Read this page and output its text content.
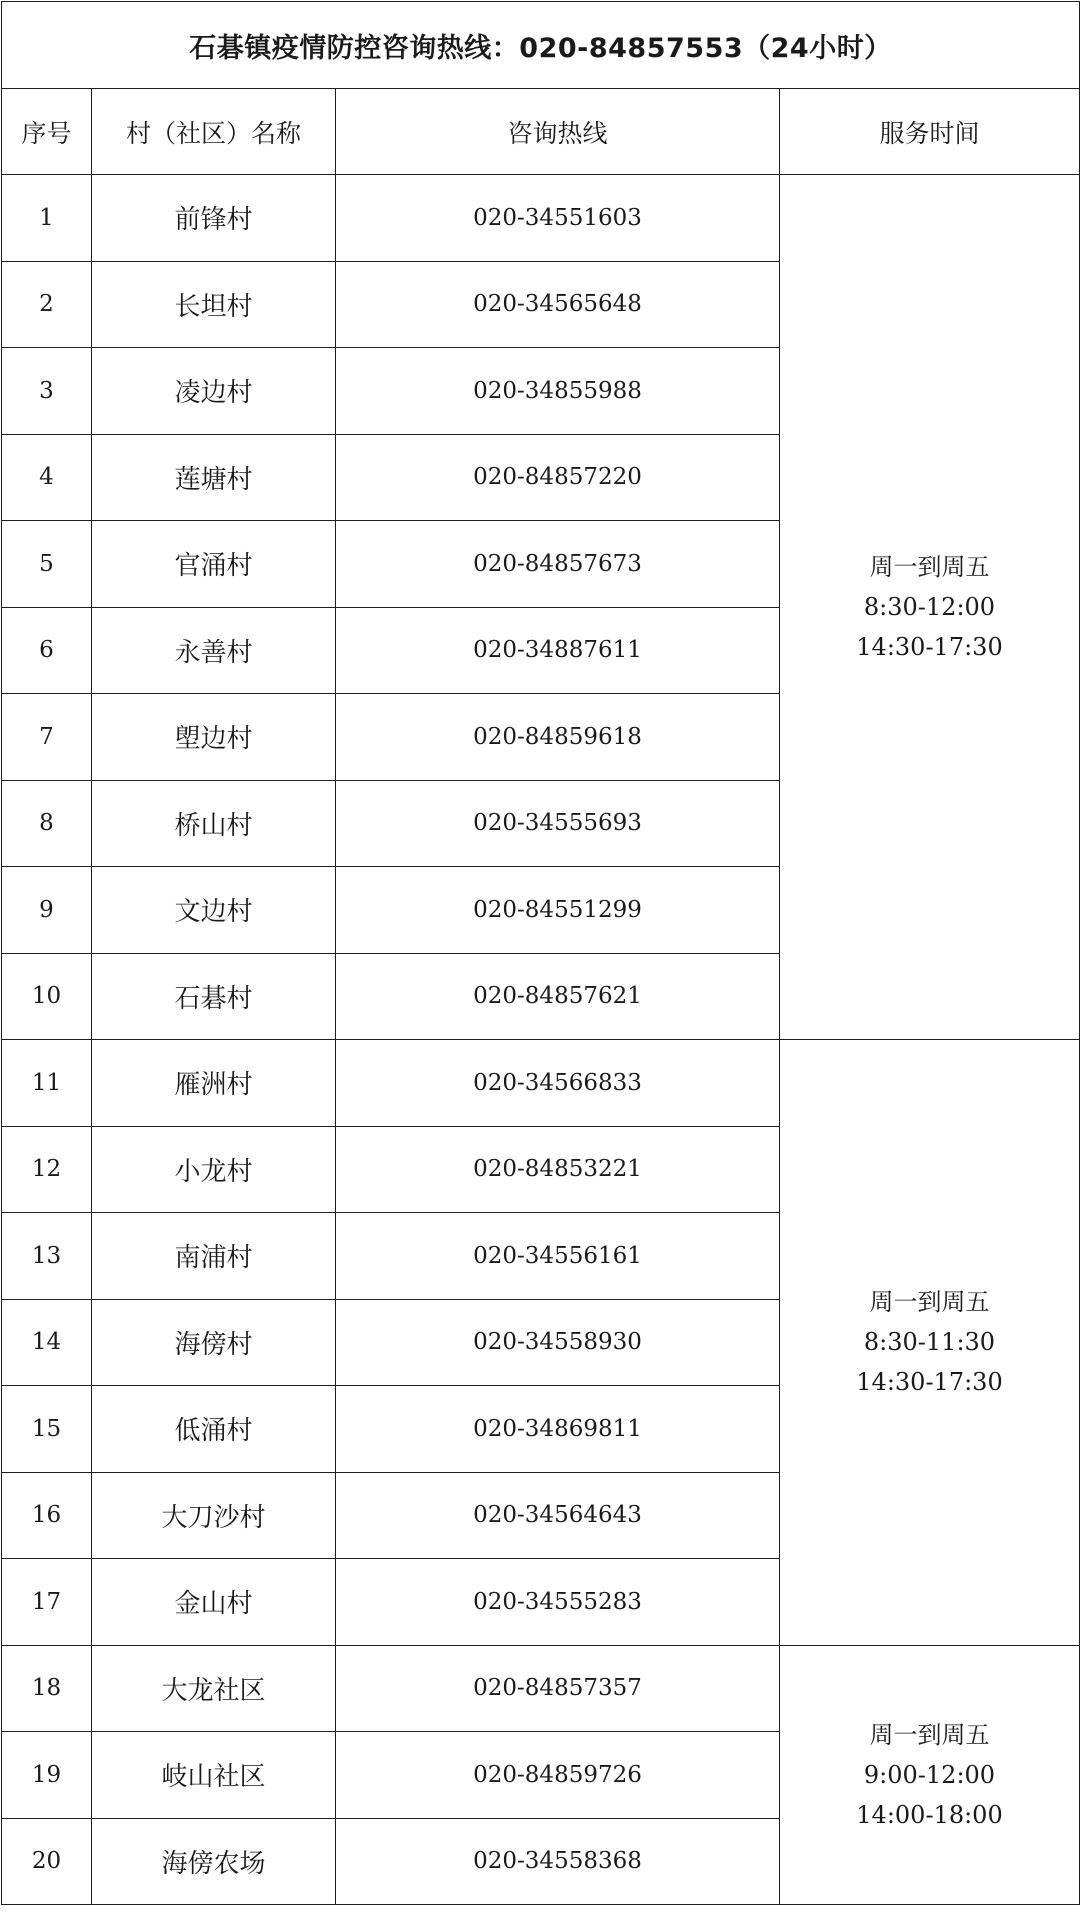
石碁镇疫情防控咨询热线：020-84857553（24小时）			
序号	村（社区）名称	咨询热线	服务时间
1	前锋村	020-34551603	周一到周五
8:30-12:00
14:30-17:30

2	长坦村	020-34565648	
3	凌边村	020-34855988	
4	莲塘村	020-84857220	
5	官涌村	020-84857673	
6	永善村	020-34887611	
7	塱边村	020-84859618	
8	桥山村	020-34555693	
9	文边村	020-84551299	
10	石碁村	020-84857621	
11	雁洲村	020-34566833	周一到周五
8:30-11:30
14:30-17:30

12	小龙村	020-84853221	
13	南浦村	020-34556161	
14	海傍村	020-34558930	
15	低涌村	020-34869811	
16	大刀沙村	020-34564643	
17	金山村	020-34555283	
18	大龙社区	020-84857357	周一到周五
9:00-12:00
14:00-18:00

19	岐山社区	020-84859726	
20	海傍农场	020-34558368	
